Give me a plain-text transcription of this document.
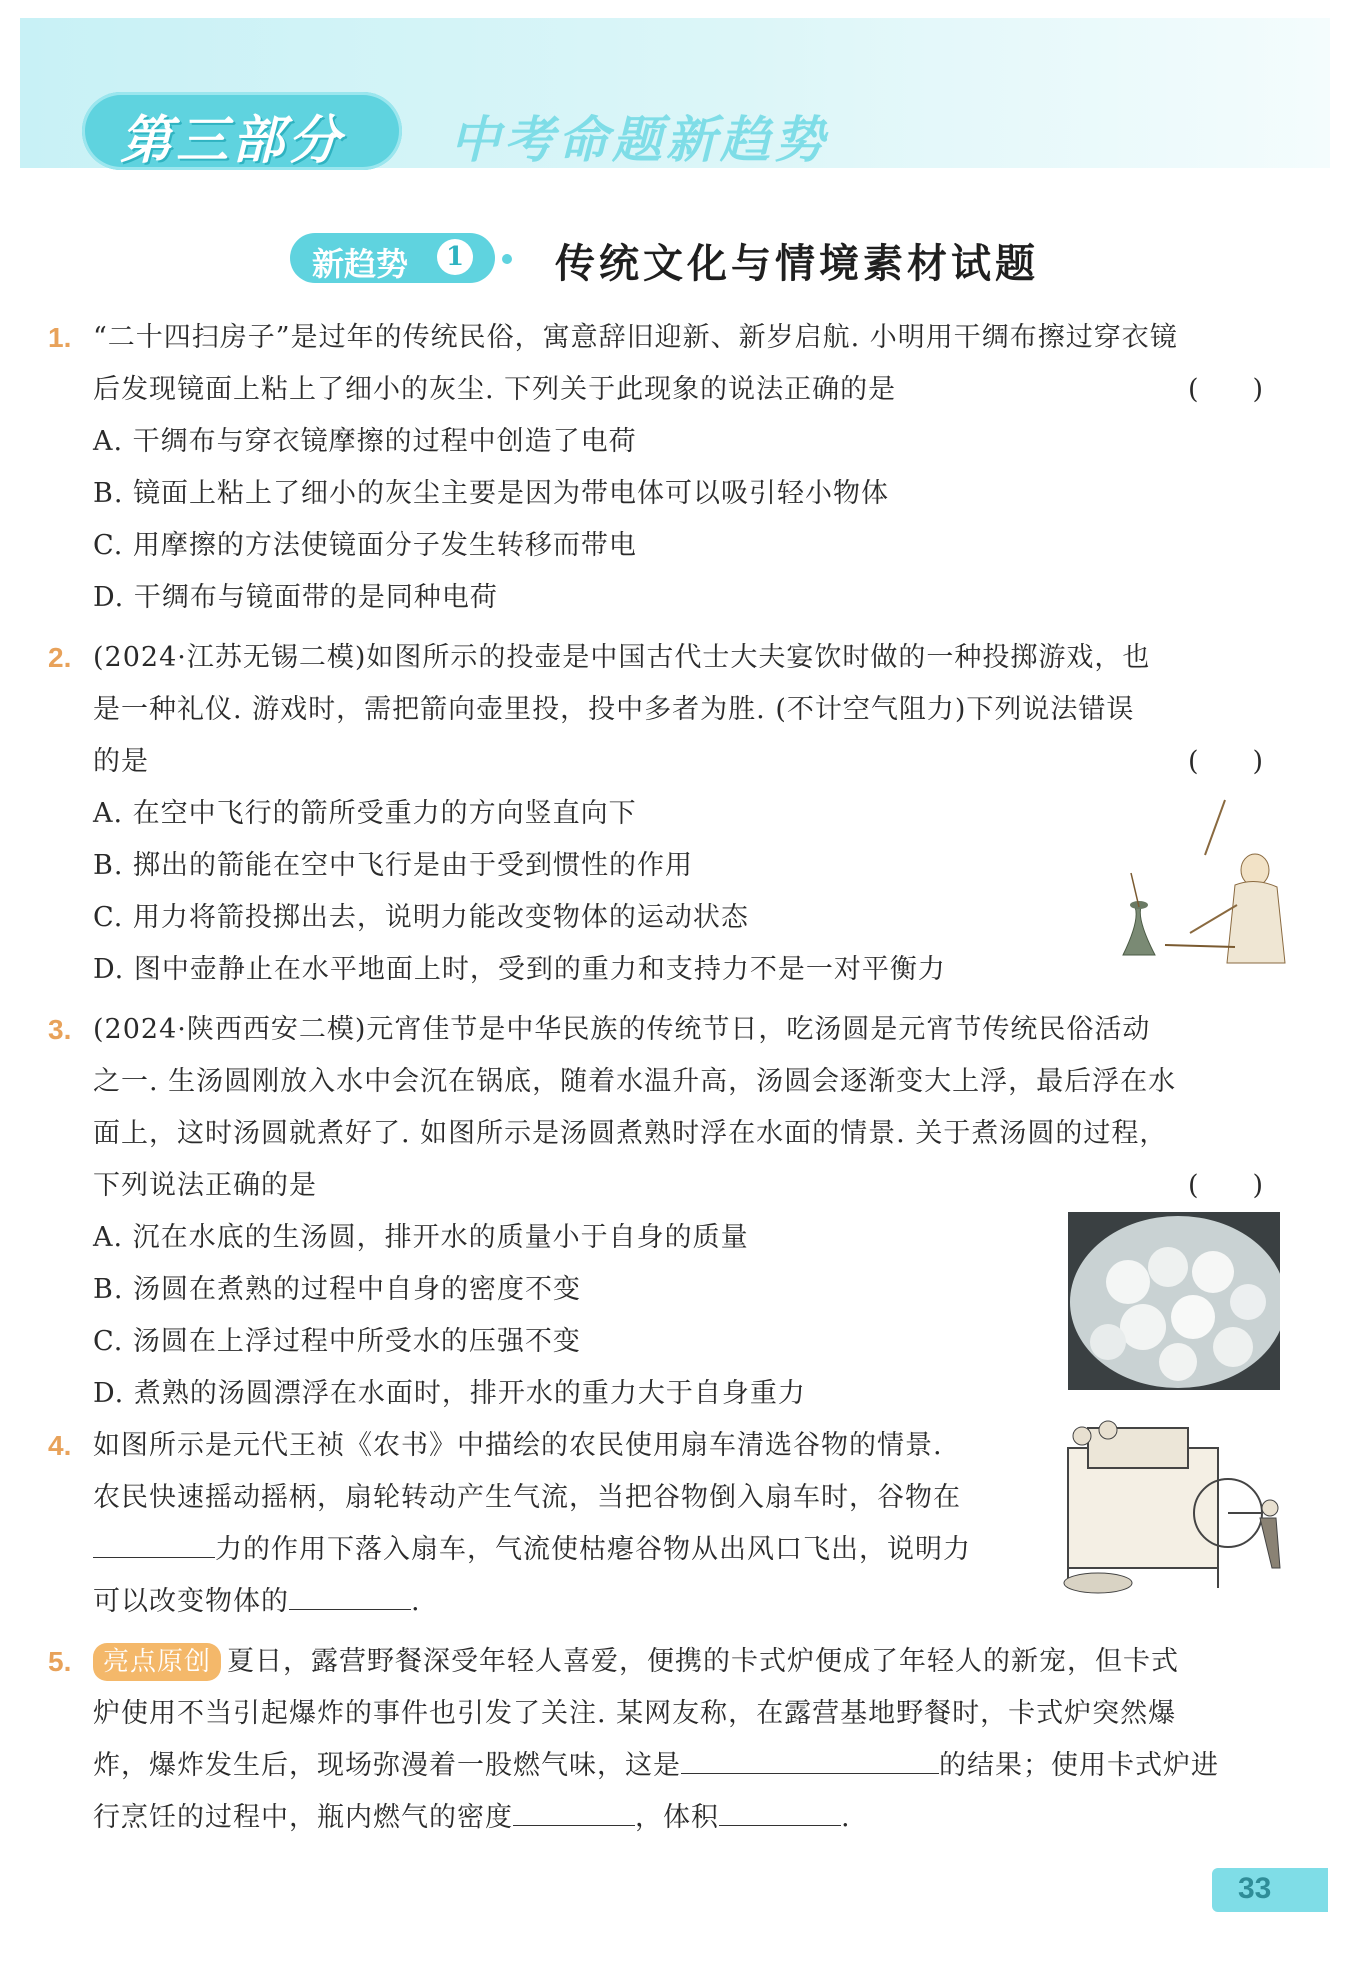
第三部分 中考命题新趋势
新趋势	1 传统文化与情境素材试题
1. “二十四扫房子”是过年的传统民俗，寓意辞旧迎新、新岁启航. 小明用干绸布擦过穿衣镜
后发现镜面上粘上了细小的灰尘. 下列关于此现象的说法正确的是	(　　)
A. 干绸布与穿衣镜摩擦的过程中创造了电荷
B. 镜面上粘上了细小的灰尘主要是因为带电体可以吸引轻小物体
C. 用摩擦的方法使镜面分子发生转移而带电
D. 干绸布与镜面带的是同种电荷
2. (2024·江苏无锡二模)如图所示的投壶是中国古代士大夫宴饮时做的一种投掷游戏，也
是一种礼仪. 游戏时，需把箭向壶里投，投中多者为胜. (不计空气阻力)下列说法错误
的是	(　　)
A. 在空中飞行的箭所受重力的方向竖直向下
B. 掷出的箭能在空中飞行是由于受到惯性的作用
C. 用力将箭投掷出去，说明力能改变物体的运动状态
D. 图中壶静止在水平地面上时，受到的重力和支持力不是一对平衡力
3. (2024·陕西西安二模)元宵佳节是中华民族的传统节日，吃汤圆是元宵节传统民俗活动
之一. 生汤圆刚放入水中会沉在锅底，随着水温升高，汤圆会逐渐变大上浮，最后浮在水
面上，这时汤圆就煮好了. 如图所示是汤圆煮熟时浮在水面的情景. 关于煮汤圆的过程，
下列说法正确的是	(　　)
A. 沉在水底的生汤圆，排开水的质量小于自身的质量
B. 汤圆在煮熟的过程中自身的密度不变
C. 汤圆在上浮过程中所受水的压强不变
D. 煮熟的汤圆漂浮在水面时，排开水的重力大于自身重力
4. 如图所示是元代王祯《农书》中描绘的农民使用扇车清选谷物的情景.
农民快速摇动摇柄，扇轮转动产生气流，当把谷物倒入扇车时，谷物在
力的作用下落入扇车，气流使枯瘪谷物从出风口飞出，说明力
可以改变物体的	.
5.	亮点原创 夏日，露营野餐深受年轻人喜爱，便携的卡式炉便成了年轻人的新宠，但卡式
炉使用不当引起爆炸的事件也引发了关注. 某网友称，在露营基地野餐时，卡式炉突然爆
炸，爆炸发生后，现场弥漫着一股燃气味，这是	的结果；使用卡式炉进
行烹饪的过程中，瓶内燃气的密度	，体积	.
33
